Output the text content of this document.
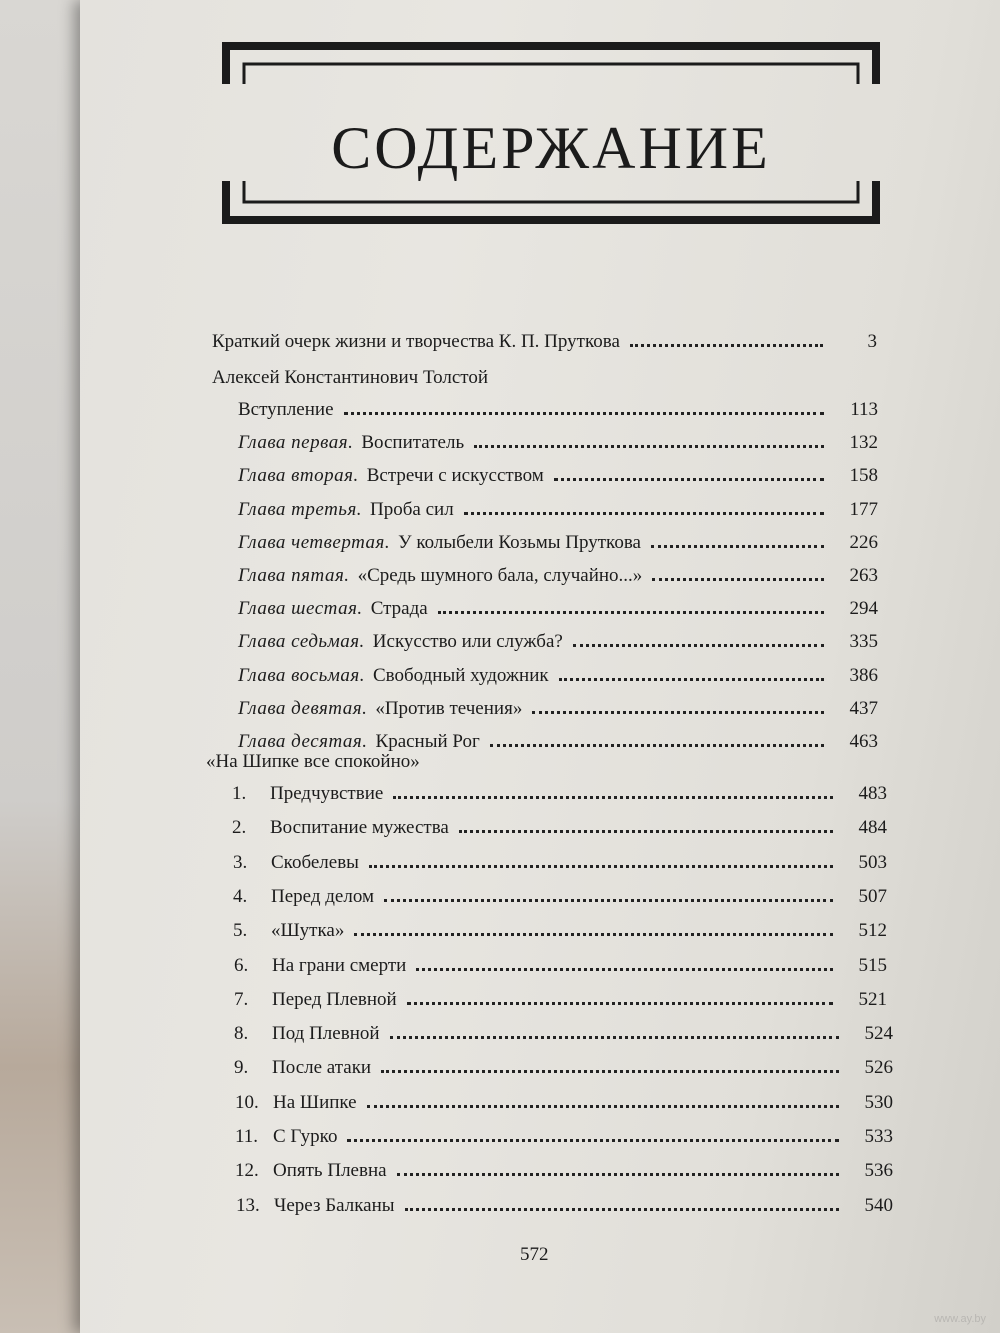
СОДЕРЖАНИЕ
Краткий очерк жизни и творчества К. П. Пруткова	3
Алексей Константинович Толстой
«На Шипке все спокойно»
Вступление	113
Глава первая. Воспитатель	132
Глава вторая. Встречи с искусством	158
Глава третья. Проба сил	177
Глава четвертая. У колыбели Козьмы Пруткова	226
Глава пятая. «Средь шумного бала, случайно...»	263
Глава шестая. Страда	294
Глава седьмая. Искусство или служба?	335
Глава восьмая. Свободный художник	386
Глава девятая. «Против течения»	437
Глава десятая. Красный Рог	463
1.	Предчувствие	483
2.	Воспитание мужества	484
3.	Скобелевы	503
4.	Перед делом	507
5.	«Шутка»	512
6.	На грани смерти	515
7.	Перед Плевной	521
8.	Под Плевной	524
9.	После атаки	526
10. На Шипке	530
11. С Гурко	533
12. Опять Плевна	536
13. Через Балканы	540
572
www.ay.by
